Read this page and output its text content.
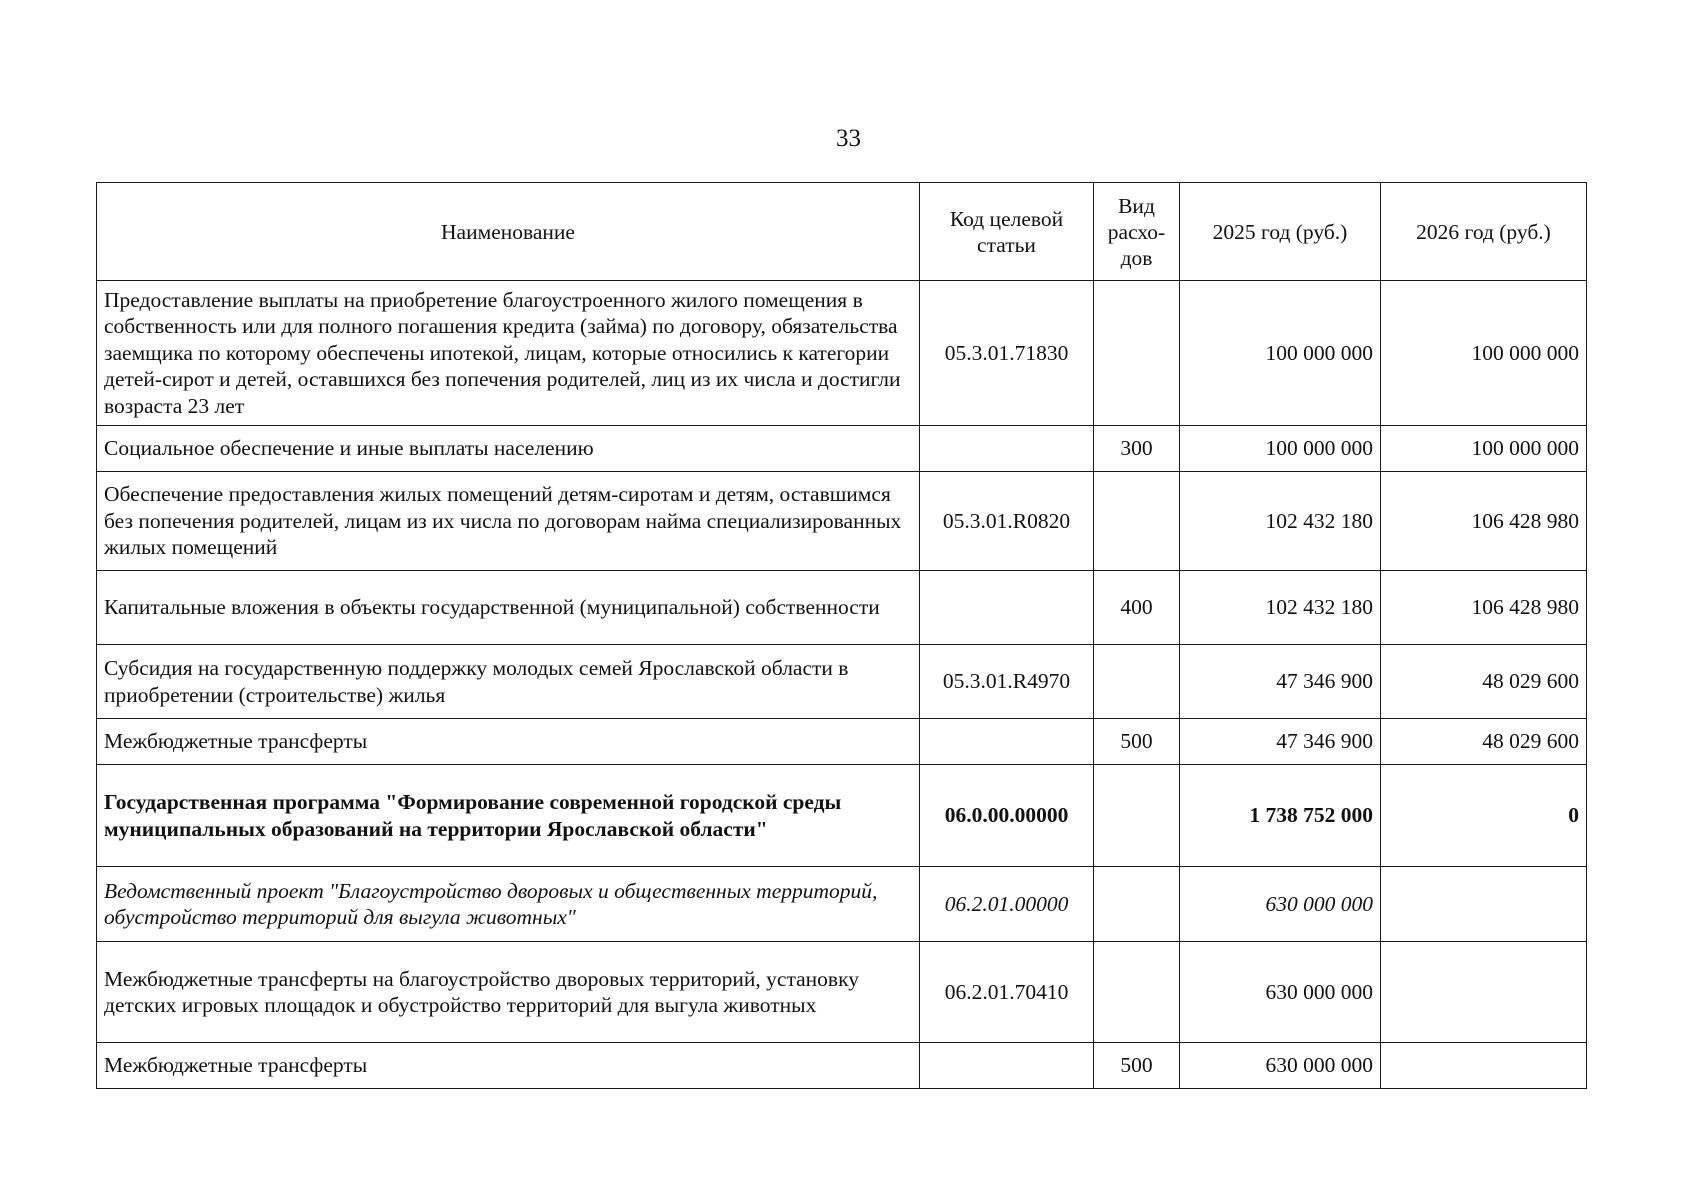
33
Наименование	Код целевой статьи	Вид расхо-дов	2025 год (руб.)	2026 год (руб.)
Предоставление выплаты на приобретение благоустроенного жилого помещения в собственность или для полного погашения кредита (займа) по договору, обязательства заемщика по которому обеспечены ипотекой, лицам, которые относились к категории детей-сирот и детей, оставшихся без попечения родителей, лиц из их числа и достигли возраста 23 лет	05.3.01.71830		100 000 000	100 000 000
Социальное обеспечение и иные выплаты населению		300	100 000 000	100 000 000
Обеспечение предоставления жилых помещений детям-сиротам и детям, оставшимся без попечения родителей, лицам из их числа по договорам найма специализированных жилых помещений	05.3.01.R0820		102 432 180	106 428 980
Капитальные вложения в объекты государственной (муниципальной) собственности		400	102 432 180	106 428 980
Субсидия на государственную поддержку молодых семей Ярославской области в приобретении (строительстве) жилья	05.3.01.R4970		47 346 900	48 029 600
Межбюджетные трансферты		500	47 346 900	48 029 600
Государственная программа "Формирование современной городской среды муниципальных образований на территории Ярославской области"	06.0.00.00000		1 738 752 000	0
Ведомственный проект "Благоустройство дворовых и общественных территорий, обустройство территорий для выгула животных"	06.2.01.00000		630 000 000	
Межбюджетные трансферты на благоустройство дворовых территорий, установку детских игровых площадок и обустройство территорий для выгула животных	06.2.01.70410		630 000 000	
Межбюджетные трансферты		500	630 000 000	
